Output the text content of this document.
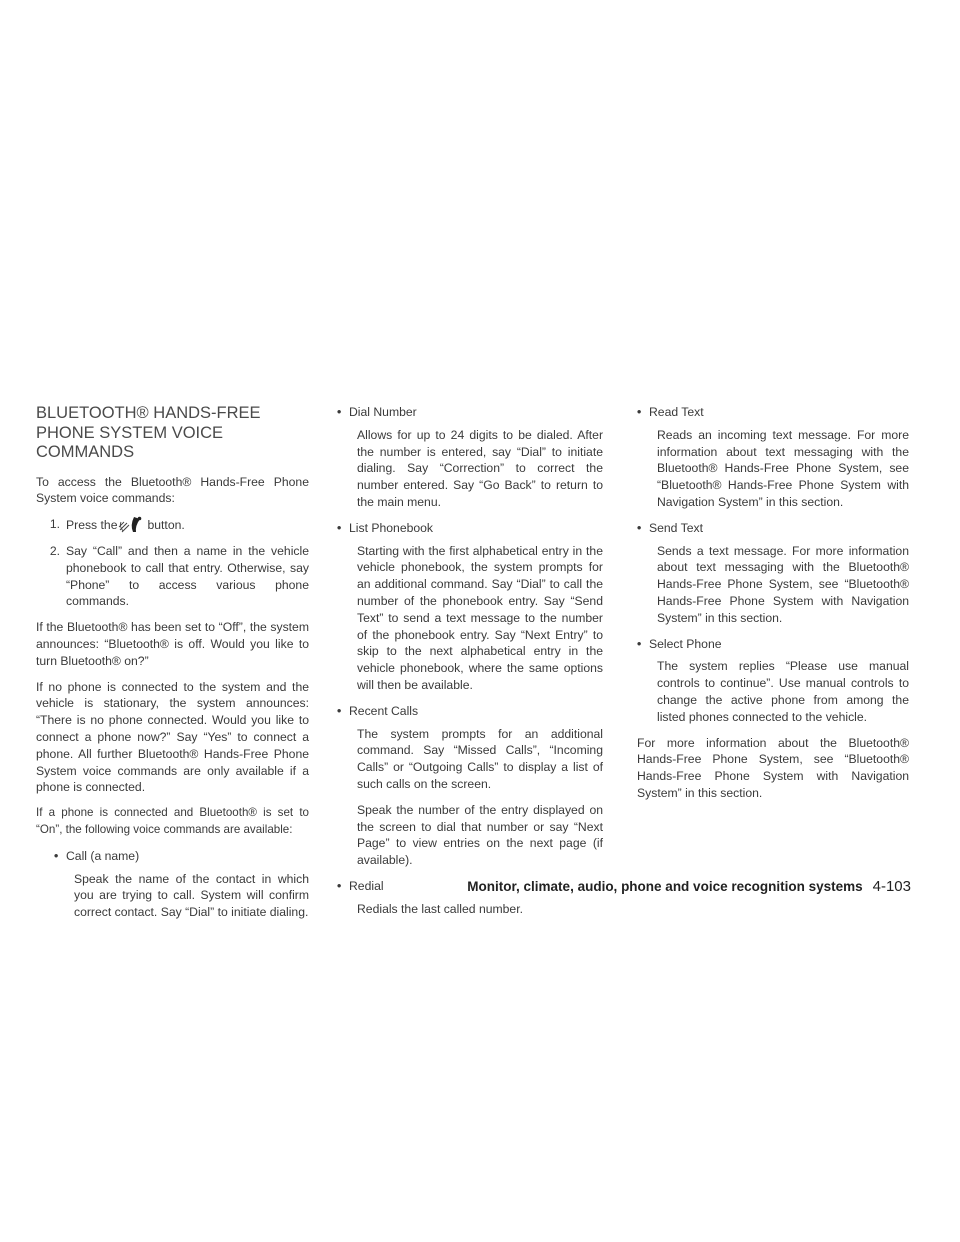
BLUETOOTH® HANDS-FREE
PHONE SYSTEM VOICE
COMMANDS

To access the Bluetooth® Hands-Free Phone System voice commands:

1. Press the button.
2. Say “Call” and then a name in the vehicle phonebook to call that entry. Otherwise, say “Phone” to access various phone commands.

If the Bluetooth® has been set to “Off”, the system announces: “Bluetooth® is off. Would you like to turn Bluetooth® on?”

If no phone is connected to the system and the vehicle is stationary, the system announces: “There is no phone connected. Would you like to connect a phone now?” Say “Yes” to connect a phone. All further Bluetooth® Hands-Free Phone System voice commands are only available if a phone is connected.

If a phone is connected and Bluetooth® is set to “On”, the following voice commands are available:

• Call (a name)

Speak the name of the contact in which you are trying to call. System will confirm correct contact. Say “Dial” to initiate dialing.

• Dial Number

Allows for up to 24 digits to be dialed. After the number is entered, say “Dial” to initiate dialing. Say “Correction” to correct the number entered. Say “Go Back” to return to the main menu.

• List Phonebook

Starting with the first alphabetical entry in the vehicle phonebook, the system prompts for an additional command. Say “Dial” to call the number of the phonebook entry. Say “Send Text” to send a text message to the number of the phonebook entry. Say “Next Entry” to skip to the next alphabetical entry in the vehicle phonebook, where the same options will then be available.

• Recent Calls

The system prompts for an additional command. Say “Missed Calls”, “Incoming Calls” or “Outgoing Calls” to display a list of such calls on the screen.

Speak the number of the entry displayed on the screen to dial that number or say “Next Page” to view entries on the next page (if available).

• Redial

Redials the last called number.

• Read Text

Reads an incoming text message. For more information about text messaging with the Bluetooth® Hands-Free Phone System, see “Bluetooth® Hands-Free Phone System with Navigation System” in this section.

• Send Text

Sends a text message. For more information about text messaging with the Bluetooth® Hands-Free Phone System, see “Bluetooth® Hands-Free Phone System with Navigation System” in this section.

• Select Phone

The system replies “Please use manual controls to continue”. Use manual controls to change the active phone from among the listed phones connected to the vehicle.

For more information about the Bluetooth® Hands-Free Phone System, see “Bluetooth® Hands-Free Phone System with Navigation System” in this section.

Monitor, climate, audio, phone and voice recognition systems 4-103
